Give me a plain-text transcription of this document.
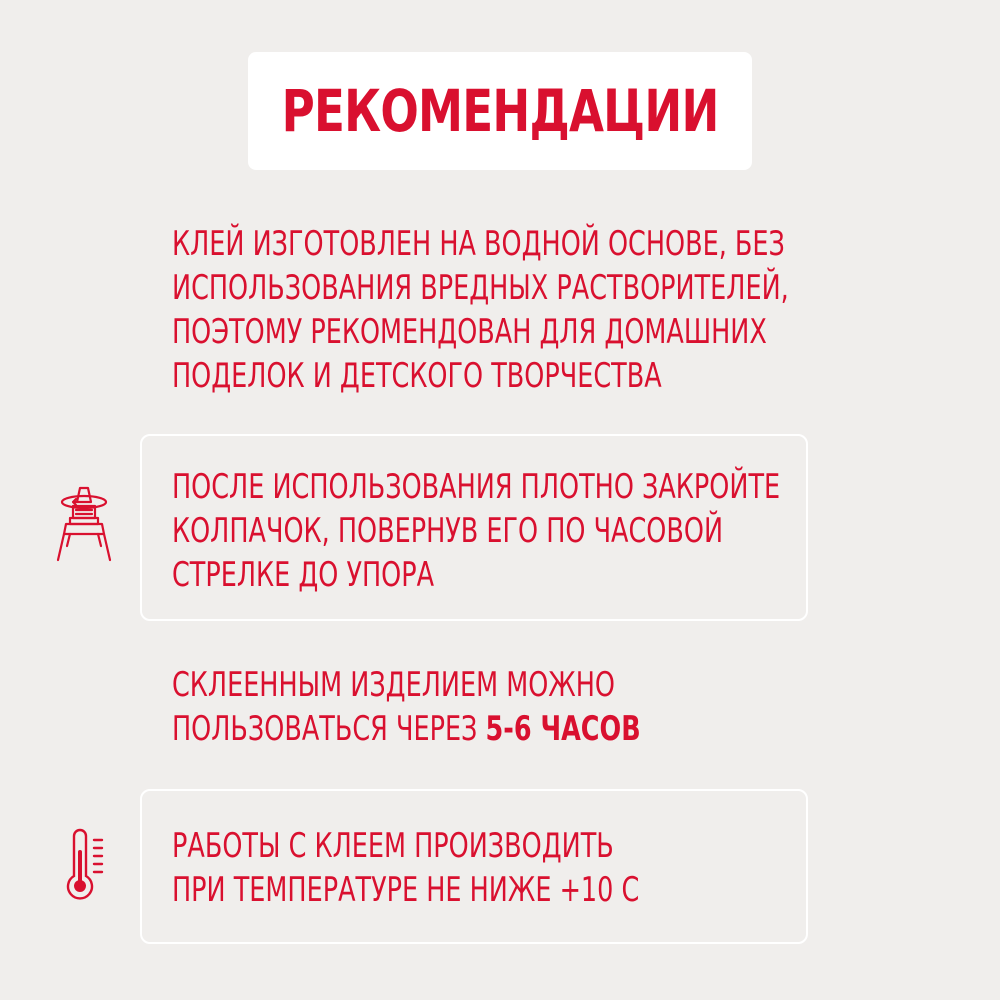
РЕКОМЕНДАЦИИ
КЛЕЙ ИЗГОТОВЛЕН НА ВОДНОЙ ОСНОВЕ, БЕЗ
ИСПОЛЬЗОВАНИЯ ВРЕДНЫХ РАСТВОРИТЕЛЕЙ,
ПОЭТОМУ РЕКОМЕНДОВАН ДЛЯ ДОМАШНИХ
ПОДЕЛОК И ДЕТСКОГО ТВОРЧЕСТВА
ПОСЛЕ ИСПОЛЬЗОВАНИЯ ПЛОТНО ЗАКРОЙТЕ
КОЛПАЧОК, ПОВЕРНУВ ЕГО ПО ЧАСОВОЙ
СТРЕЛКЕ ДО УПОРА
СКЛЕЕННЫМ ИЗДЕЛИЕМ МОЖНО
ПОЛЬЗОВАТЬСЯ ЧЕРЕЗ 5-6 ЧАСОВ
РАБОТЫ С КЛЕЕМ ПРОИЗВОДИТЬ
ПРИ ТЕМПЕРАТУРЕ НЕ НИЖЕ +10 С
